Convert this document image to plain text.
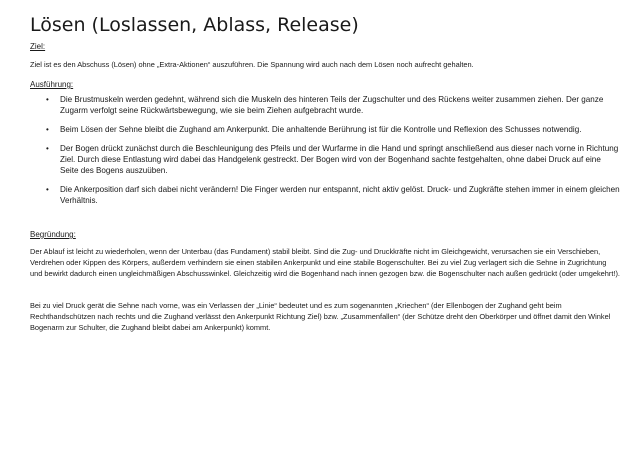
Lösen (Loslassen, Ablass, Release)

Ziel:

Ziel ist es den Abschuss (Lösen) ohne „Extra-Aktionen“ auszuführen. Die Spannung wird auch nach dem Lösen noch aufrecht gehalten.

Ausführung:

• Die Brustmuskeln werden gedehnt, während sich die Muskeln des hinteren Teils der Zugschulter und des Rückens weiter zusammen ziehen. Der ganze Zugarm verfolgt seine Rückwärtsbewegung, wie sie beim Ziehen aufgebracht wurde.
• Beim Lösen der Sehne bleibt die Zughand am Ankerpunkt. Die anhaltende Berührung ist für die Kontrolle und Reflexion des Schusses notwendig.
• Der Bogen drückt zunächst durch die Beschleunigung des Pfeils und der Wurfarme in die Hand und springt anschließend aus dieser nach vorne in Richtung Ziel. Durch diese Entlastung wird dabei das Handgelenk gestreckt. Der Bogen wird von der Bogenhand sachte festgehalten, ohne dabei Druck auf eine Seite des Bogens auszuüben.
• Die Ankerposition darf sich dabei nicht verändern! Die Finger werden nur entspannt, nicht aktiv gelöst. Druck- und Zugkräfte stehen immer in einem gleichen Verhältnis.

Begründung:

Der Ablauf ist leicht zu wiederholen, wenn der Unterbau (das Fundament) stabil bleibt. Sind die Zug- und Druckkräfte nicht im Gleichgewicht, verursachen sie ein Verschieben, Verdrehen oder Kippen des Körpers, außerdem verhindern sie einen stabilen Ankerpunkt und eine stabile Bogenschulter. Bei zu viel Zug verlagert sich die Sehne in Zugrichtung und bewirkt dadurch einen ungleichmäßigen Abschusswinkel. Gleichzeitig wird die Bogenhand nach innen gezogen bzw. die Bogenschulter nach außen gedrückt (oder umgekehrt!).

Bei zu viel Druck gerät die Sehne nach vorne, was ein Verlassen der „Linie“ bedeutet und es zum sogenannten „Kriechen“ (der Ellenbogen der Zughand geht beim Rechthandschützen nach rechts und die Zughand verlässt den Ankerpunkt Richtung Ziel) bzw. „Zusammenfallen“ (der Schütze dreht den Oberkörper und öffnet damit den Winkel Bogenarm zur Schulter, die Zughand bleibt dabei am Ankerpunkt) kommt.
